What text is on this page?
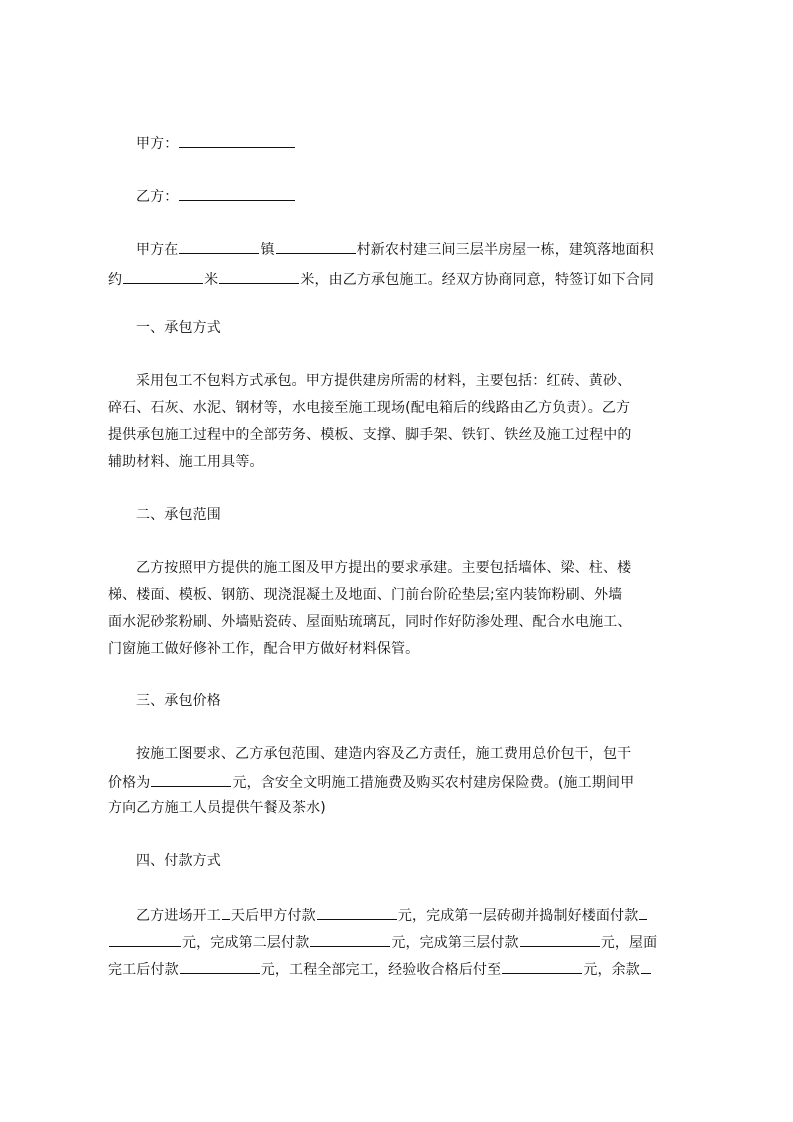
甲方：
乙方：
甲方在	镇	村新农村建三间三层半房屋一栋，建筑落地面积
约	米	米，由乙方承包施工。经双方协商同意，特签订如下合同
一、承包方式
采用包工不包料方式承包。甲方提供建房所需的材料，主要包括：红砖、黄砂、
碎石、石灰、水泥、钢材等，水电接至施工现场(配电箱后的线路由乙方负责）。乙方
提供承包施工过程中的全部劳务、模板、支撑、脚手架、铁钉、铁丝及施工过程中的
辅助材料、施工用具等。
二、承包范围
乙方按照甲方提供的施工图及甲方提出的要求承建。主要包括墙体、梁、柱、楼
梯、楼面、模板、钢筋、现浇混凝土及地面、门前台阶砼垫层;室内装饰粉刷、外墙
面水泥砂浆粉刷、外墙贴瓷砖、屋面贴琉璃瓦，同时作好防渗处理、配合水电施工、
门窗施工做好修补工作，配合甲方做好材料保管。
三、承包价格
按施工图要求、乙方承包范围、建造内容及乙方责任，施工费用总价包干，包干
价格为	元，含安全文明施工措施费及购买农村建房保险费。(施工期间甲
方向乙方施工人员提供午餐及茶水)
四、付款方式
乙方进场开工 天后甲方付款	元，完成第一层砖砌并捣制好楼面付款
元，完成第二层付款	元，完成第三层付款	元，屋面
完工后付款	元，工程全部完工，经验收合格后付至	元，余款
